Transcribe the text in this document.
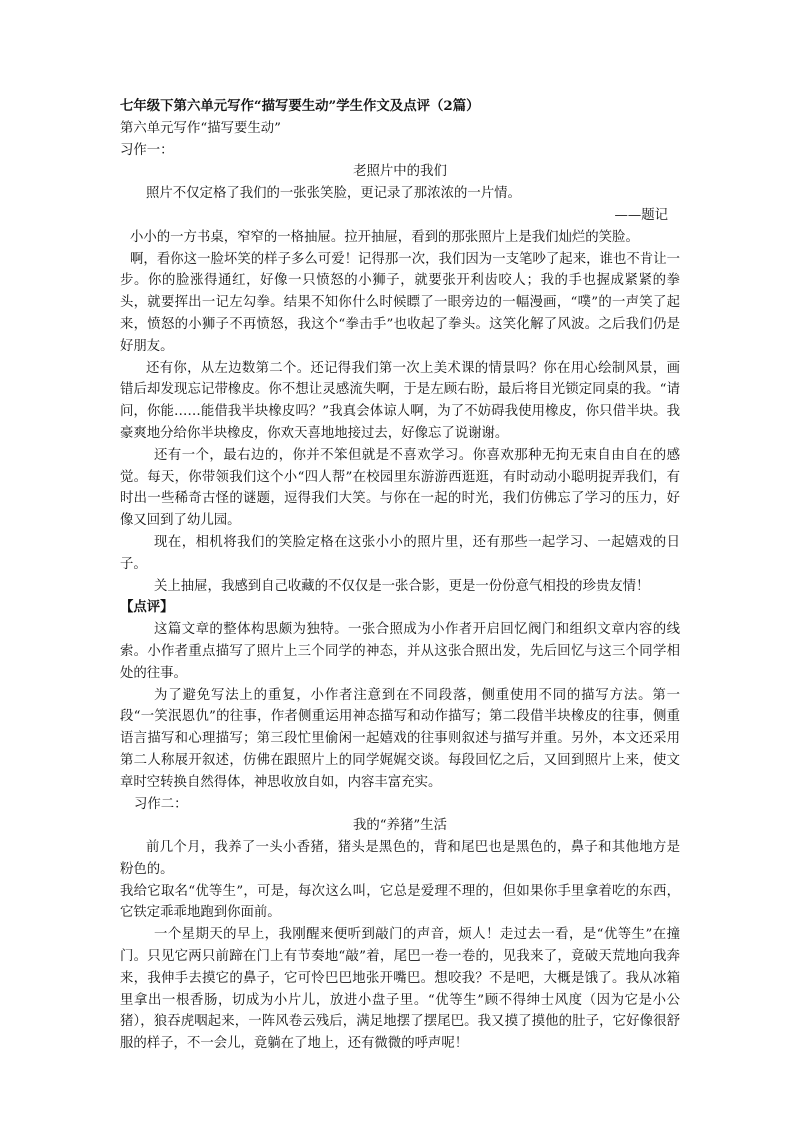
七年级下第六单元写作“描写要生动”学生作文及点评（2篇）

第六单元写作“描写要生动”

习作一：

老照片中的我们

照片不仅定格了我们的一张张笑脸，更记录了那浓浓的一片情。

——题记

小小的一方书桌，窄窄的一格抽屉。拉开抽屉，看到的那张照片上是我们灿烂的笑脸。

啊，看你这一脸坏笑的样子多么可爱！记得那一次，我们因为一支笔吵了起来，谁也不肯让一步。你的脸涨得通红，好像一只愤怒的小狮子，就要张开利齿咬人；我的手也握成紧紧的拳头，就要挥出一记左勾拳。结果不知你什么时候瞟了一眼旁边的一幅漫画，“噗”的一声笑了起来，愤怒的小狮子不再愤怒，我这个“拳击手”也收起了拳头。这笑化解了风波。之后我们仍是好朋友。

还有你，从左边数第二个。还记得我们第一次上美术课的情景吗？你在用心绘制风景，画错后却发现忘记带橡皮。你不想让灵感流失啊，于是左顾右盼，最后将目光锁定同桌的我。“请问，你能……能借我半块橡皮吗？”我真会体谅人啊，为了不妨碍我使用橡皮，你只借半块。我豪爽地分给你半块橡皮，你欢天喜地地接过去，好像忘了说谢谢。

还有一个，最右边的，你并不笨但就是不喜欢学习。你喜欢那种无拘无束自由自在的感觉。每天，你带领我们这个小“四人帮”在校园里东游游西逛逛，有时动动小聪明捉弄我们，有时出一些稀奇古怪的谜题，逗得我们大笑。与你在一起的时光，我们仿佛忘了学习的压力，好像又回到了幼儿园。

现在，相机将我们的笑脸定格在这张小小的照片里，还有那些一起学习、一起嬉戏的日子。

关上抽屉，我感到自己收藏的不仅仅是一张合影，更是一份份意气相投的珍贵友情！

【点评】

这篇文章的整体构思颇为独特。一张合照成为小作者开启回忆阀门和组织文章内容的线索。小作者重点描写了照片上三个同学的神态，并从这张合照出发，先后回忆与这三个同学相处的往事。

为了避免写法上的重复，小作者注意到在不同段落，侧重使用不同的描写方法。第一段“一笑泯恩仇”的往事，作者侧重运用神态描写和动作描写；第二段借半块橡皮的往事，侧重语言描写和心理描写；第三段忙里偷闲一起嬉戏的往事则叙述与描写并重。另外，本文还采用第二人称展开叙述，仿佛在跟照片上的同学娓娓交谈。每段回忆之后，又回到照片上来，使文章时空转换自然得体，神思收放自如，内容丰富充实。

习作二：

我的“养猪”生活

前几个月，我养了一头小香猪，猪头是黑色的，背和尾巴也是黑色的，鼻子和其他地方是粉色的。

我给它取名“优等生”，可是，每次这么叫，它总是爱理不理的，但如果你手里拿着吃的东西，它铁定乖乖地跑到你面前。

一个星期天的早上，我刚醒来便听到敲门的声音，烦人！走过去一看，是“优等生”在撞门。只见它两只前蹄在门上有节奏地“敲”着，尾巴一卷一卷的，见我来了，竟破天荒地向我奔来，我伸手去摸它的鼻子，它可怜巴巴地张开嘴巴。想咬我？不是吧，大概是饿了。我从冰箱里拿出一根香肠，切成为小片儿，放进小盘子里。“优等生”顾不得绅士风度（因为它是小公猪），狼吞虎咽起来，一阵风卷云残后，满足地摆了摆尾巴。我又摸了摸他的肚子，它好像很舒服的样子，不一会儿，竟躺在了地上，还有微微的呼声呢！
